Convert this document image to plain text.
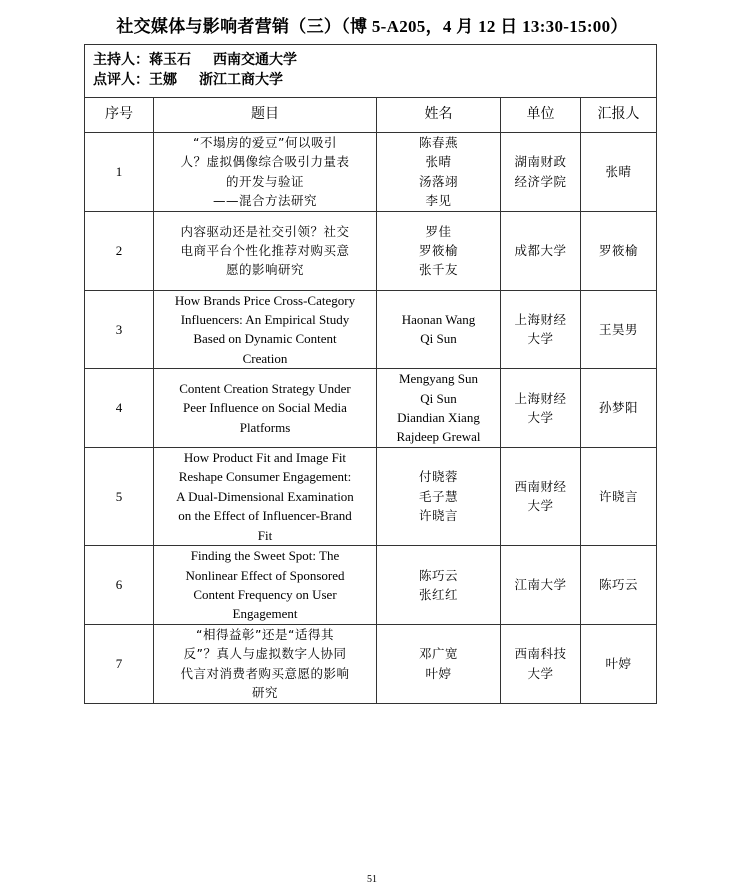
社交媒体与影响者营销（三）（博 5-A205，4 月 12 日 13:30-15:00）
主持人：蒋玉石 西南交通大学
点评人：王娜 浙江工商大学				

序号	题目	姓名	单位	汇报人

1	“不塌房的爱豆”何以吸引
人？虚拟偶像综合吸引力量表
的开发与验证
——混合方法研究	陈春燕
张晴
汤落翊
李见	湖南财政
经济学院	张晴

2	内容驱动还是社交引领？社交
电商平台个性化推荐对购买意
愿的影响研究	罗佳
罗筱榆
张千友	成都大学	罗筱榆

3	How Brands Price Cross-Category
Influencers: An Empirical Study
Based on Dynamic Content
Creation	Haonan Wang
Qi Sun	上海财经
大学	王昊男

4	Content Creation Strategy Under
Peer Influence on Social Media
Platforms	Mengyang Sun
Qi Sun
Diandian Xiang
Rajdeep Grewal	上海财经
大学	孙梦阳

5	How Product Fit and Image Fit
Reshape Consumer Engagement:
A Dual-Dimensional Examination
on the Effect of Influencer-Brand
Fit	付晓蓉
毛子慧
许晓言	西南财经
大学	许晓言

6	Finding the Sweet Spot: The
Nonlinear Effect of Sponsored
Content Frequency on User
Engagement	陈巧云
张红红	江南大学	陈巧云

7	“相得益彰”还是“适得其
反”？真人与虚拟数字人协同
代言对消费者购买意愿的影响
研究	邓广宽
叶婷	西南科技
大学	叶婷
51
